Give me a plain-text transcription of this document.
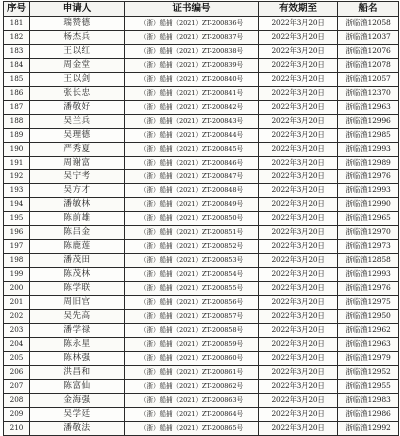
序号	申请人	证书编号	有效期至	船名
181	瑞赞德	（浙）船捕（2021）ZT-200836号	2022年3月20日	浙临渔12058
182	杨杰兵	（浙）船捕（2021）ZT-200837号	2022年3月20日	浙临渔12037
183	王以红	（浙）船捕（2021）ZT-200838号	2022年3月20日	浙临渔12076
184	周金堂	（浙）船捕（2021）ZT-200839号	2022年3月20日	浙临渔12078
185	王以剑	（浙）船捕（2021）ZT-200840号	2022年3月20日	浙临渔12057
186	张长忠	（浙）船捕（2021）ZT-200841号	2022年3月20日	浙临渔12370
187	潘敬好	（浙）船捕（2021）ZT-200842号	2022年3月20日	浙临渔12963
188	吴兰兵	（浙）船捕（2021）ZT-200843号	2022年3月20日	浙临渔12996
189	吴理德	（浙）船捕（2021）ZT-200844号	2022年3月20日	浙临渔12985
190	严秀夏	（浙）船捕（2021）ZT-200845号	2022年3月20日	浙临渔12993
191	周谢富	（浙）船捕（2021）ZT-200846号	2022年3月20日	浙临渔12989
192	吴宁考	（浙）船捕（2021）ZT-200847号	2022年3月20日	浙临渔12976
193	吴方才	（浙）船捕（2021）ZT-200848号	2022年3月20日	浙临渔12993
194	潘敏林	（浙）船捕（2021）ZT-200849号	2022年3月20日	浙临渔12990
195	陈前雄	（浙）船捕（2021）ZT-200850号	2022年3月20日	浙临渔12965
196	陈吕金	（浙）船捕（2021）ZT-200851号	2022年3月20日	浙临渔12970
197	陈鹿莲	（浙）船捕（2021）ZT-200852号	2022年3月20日	浙临渔12973
198	潘茂田	（浙）船捕（2021）ZT-200853号	2022年3月20日	浙临渔12858
199	陈茂林	（浙）船捕（2021）ZT-200854号	2022年3月20日	浙临渔12993
200	陈学联	（浙）船捕（2021）ZT-200855号	2022年3月20日	浙临渔12976
201	周旧官	（浙）船捕（2021）ZT-200856号	2022年3月20日	浙临渔12975
202	吴先高	（浙）船捕（2021）ZT-200857号	2022年3月20日	浙临渔12950
203	潘学禄	（浙）船捕（2021）ZT-200858号	2022年3月20日	浙临渔12962
204	陈永星	（浙）船捕（2021）ZT-200859号	2022年3月20日	浙临渔12963
205	陈林强	（浙）船捕（2021）ZT-200860号	2022年3月20日	浙临渔12979
206	洪昌和	（浙）船捕（2021）ZT-200861号	2022年3月20日	浙临渔12952
207	陈富仙	（浙）船捕（2021）ZT-200862号	2022年3月20日	浙临渔12955
208	金海强	（浙）船捕（2021）ZT-200863号	2022年3月20日	浙临渔12983
209	吴学廷	（浙）船捕（2021）ZT-200864号	2022年3月20日	浙临渔12986
210	潘敬法	（浙）船捕（2021）ZT-200865号	2022年3月20日	浙临渔12992
